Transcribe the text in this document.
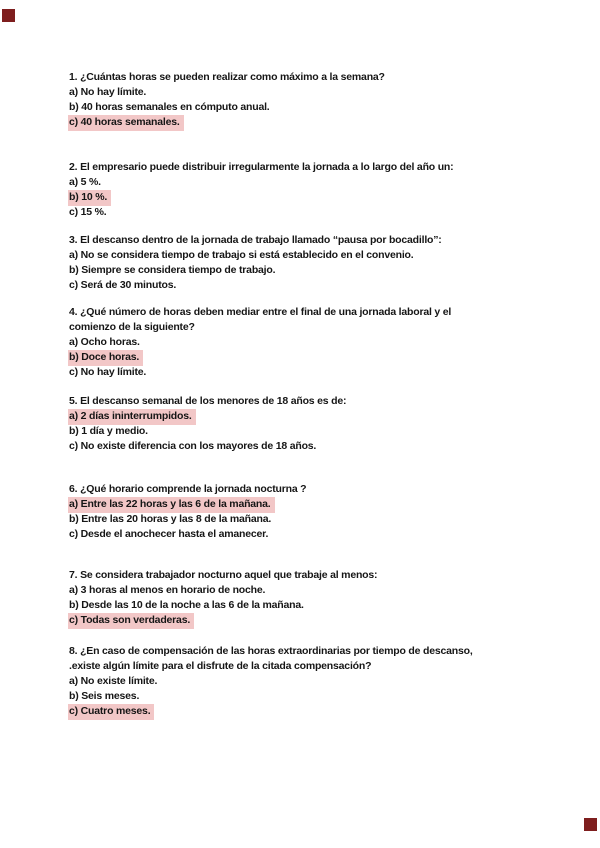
1. ¿Cuántas horas se pueden realizar como máximo a la semana?
a) No hay límite.
b) 40 horas semanales en cómputo anual.
c) 40 horas semanales.
2. El empresario puede distribuir irregularmente la jornada a lo largo del año un:
a) 5 %.
b) 10 %.
c) 15 %.
3. El descanso dentro de la jornada de trabajo llamado “pausa por bocadillo”:
a) No se considera tiempo de trabajo si está establecido en el convenio.
b) Siempre se considera tiempo de trabajo.
c) Será de 30 minutos.
4. ¿Qué número de horas deben mediar entre el final de una jornada laboral y el
comienzo de la siguiente?
a) Ocho horas.
b) Doce horas.
c) No hay límite.
5. El descanso semanal de los menores de 18 años es de:
a) 2 días ininterrumpidos.
b) 1 día y medio.
c) No existe diferencia con los mayores de 18 años.
6. ¿Qué horario comprende la jornada nocturna ?
a) Entre las 22 horas y las 6 de la mañana.
b) Entre las 20 horas y las 8 de la mañana.
c) Desde el anochecer hasta el amanecer.
7. Se considera trabajador nocturno aquel que trabaje al menos:
a) 3 horas al menos en horario de noche.
b) Desde las 10 de la noche a las 6 de la mañana.
c) Todas son verdaderas.
8. ¿En caso de compensación de las horas extraordinarias por tiempo de descanso,
.existe algún límite para el disfrute de la citada compensación?
a) No existe límite.
b) Seis meses.
c) Cuatro meses.
